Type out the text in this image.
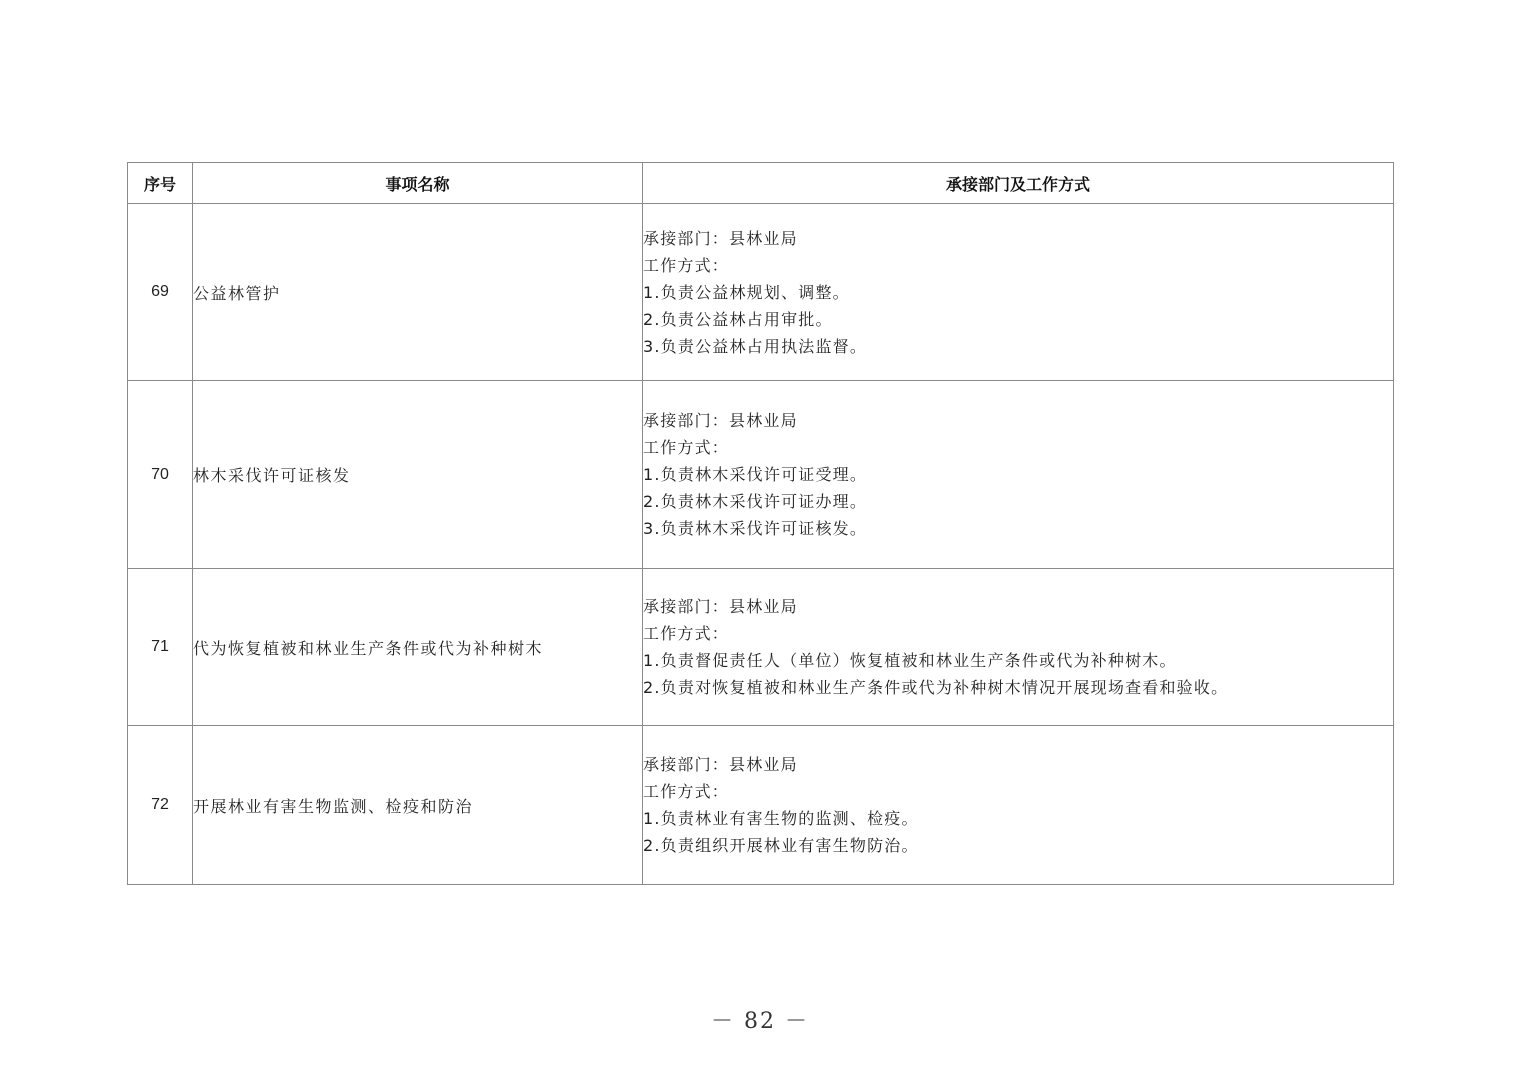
序号	事项名称	承接部门及工作方式
69	公益林管护	承接部门：县林业局
工作方式：
1.负责公益林规划、调整。
2.负责公益林占用审批。
3.负责公益林占用执法监督。

70	林木采伐许可证核发	承接部门：县林业局
工作方式：
1.负责林木采伐许可证受理。
2.负责林木采伐许可证办理。
3.负责林木采伐许可证核发。

71	代为恢复植被和林业生产条件或代为补种树木	承接部门：县林业局
工作方式：
1.负责督促责任人（单位）恢复植被和林业生产条件或代为补种树木。
2.负责对恢复植被和林业生产条件或代为补种树木情况开展现场查看和验收。

72	开展林业有害生物监测、检疫和防治	承接部门：县林业局
工作方式：
1.负责林业有害生物的监测、检疫。
2.负责组织开展林业有害生物防治。
－ 82 －
